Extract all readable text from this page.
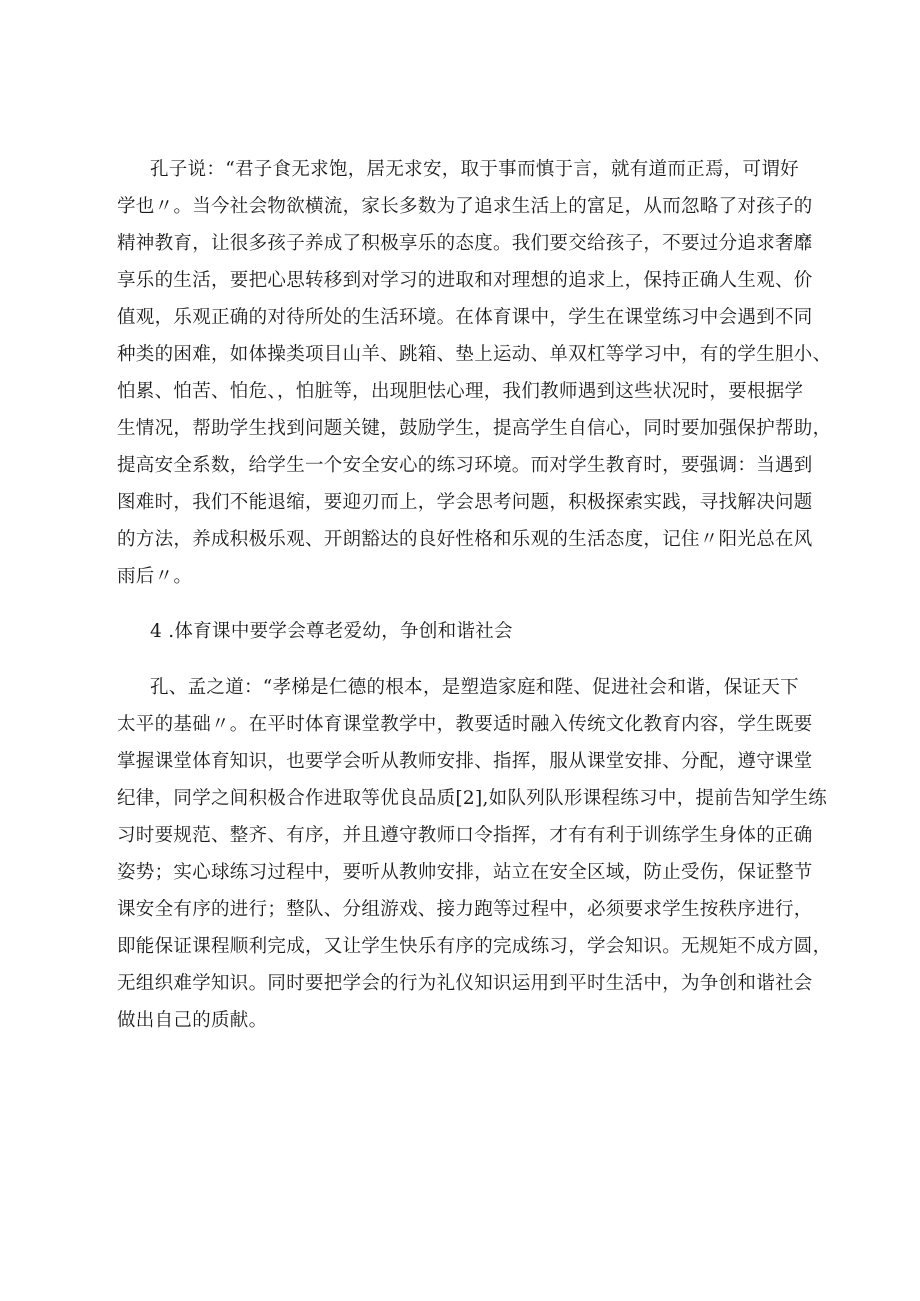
孔子说：“君子食无求饱，居无求安，取于事而慎于言，就有道而正焉，可谓好
学也〃。当今社会物欲横流，家长多数为了追求生活上的富足，从而忽略了对孩子的
精神教育，让很多孩子养成了积极享乐的态度。我们要交给孩子，不要过分追求奢靡
享乐的生活，要把心思转移到对学习的进取和对理想的追求上，保持正确人生观、价
值观，乐观正确的对待所处的生活环境。在体育课中，学生在课堂练习中会遇到不同
种类的困难，如体操类项目山羊、跳箱、垫上运动、单双杠等学习中，有的学生胆小、
怕累、怕苦、怕危、，怕脏等，出现胆怯心理，我们教师遇到这些状况时，要根据学
生情况，帮助学生找到问题关键，鼓励学生，提高学生自信心，同时要加强保护帮助，
提高安全系数，给学生一个安全安心的练习环境。而对学生教育时，要强调：当遇到
图难时，我们不能退缩，要迎刃而上，学会思考问题，积极探索实践，寻找解决问题
的方法，养成积极乐观、开朗豁达的良好性格和乐观的生活态度，记住〃阳光总在风
雨后〃。
4 .体育课中要学会尊老爱幼，争创和谐社会
孔、孟之道：“孝梯是仁德的根本，是塑造家庭和陛、促进社会和谐，保证天下
太平的基础〃。在平时体育课堂教学中，教要适时融入传统文化教育内容，学生既要
掌握课堂体育知识，也要学会听从教师安排、指挥，服从课堂安排、分配，遵守课堂
纪律，同学之间积极合作进取等优良品质[2],如队列队形课程练习中，提前告知学生练
习时要规范、整齐、有序，并且遵守教师口令指挥，才有有利于训练学生身体的正确
姿势；实心球练习过程中，要听从教帅安排，站立在安全区域，防止受伤，保证整节
课安全有序的进行；整队、分组游戏、接力跑等过程中，必须要求学生按秩序进行，
即能保证课程顺利完成，又让学生快乐有序的完成练习，学会知识。无规矩不成方圆，
无组织难学知识。同时要把学会的行为礼仪知识运用到平时生活中，为争创和谐社会
做出自己的质献。
